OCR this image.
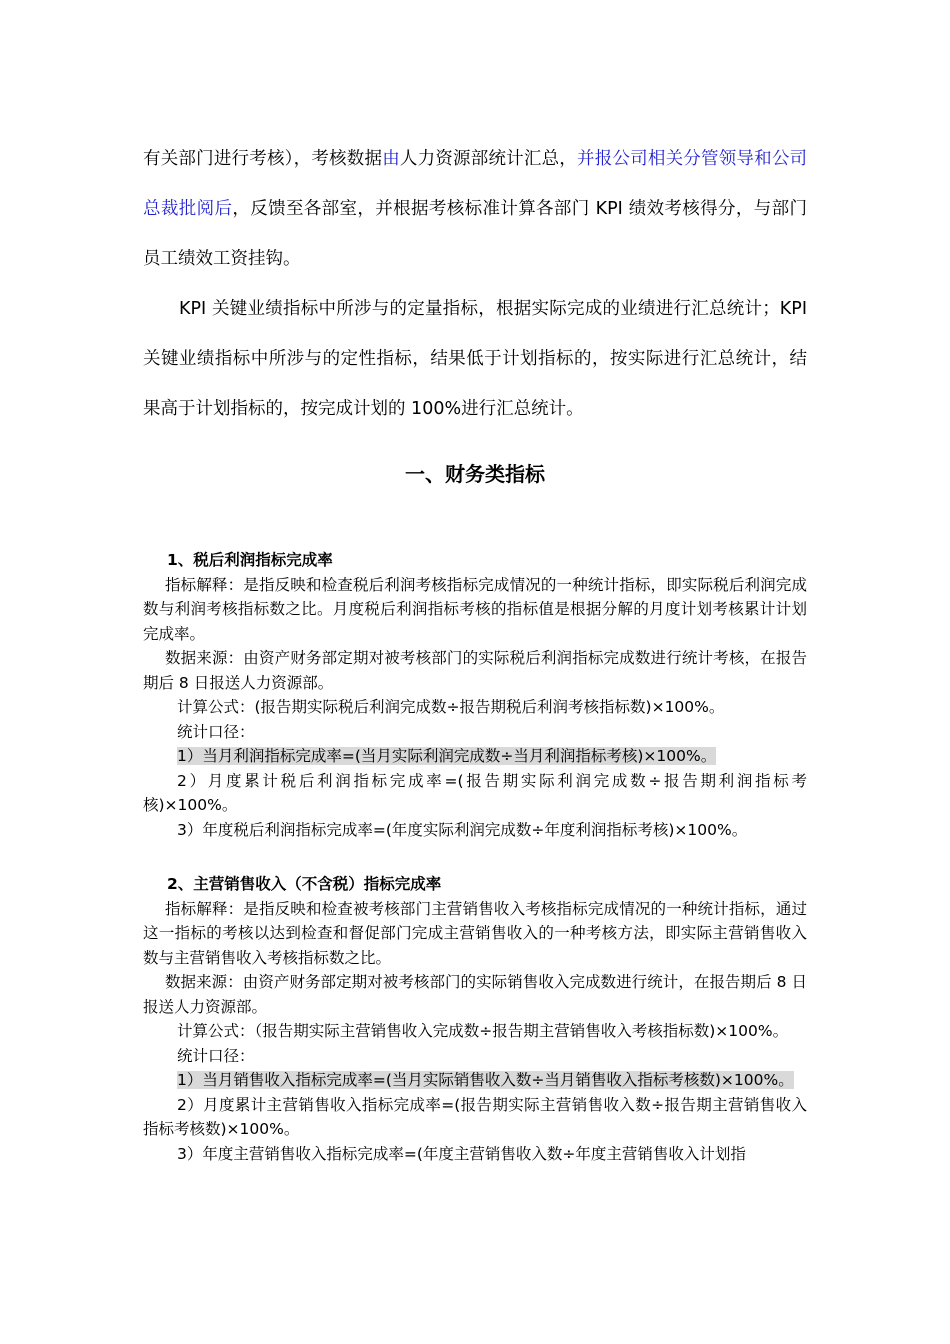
有关部门进行考核），考核数据由人力资源部统计汇总，并报公司相关分管领导和公司总裁批阅后，反馈至各部室，并根据考核标准计算各部门 KPI 绩效考核得分，与部门员工绩效工资挂钩。

KPI 关键业绩指标中所涉与的定量指标，根据实际完成的业绩进行汇总统计；KPI 关键业绩指标中所涉与的定性指标，结果低于计划指标的，按实际进行汇总统计，结果高于计划指标的，按完成计划的 100%进行汇总统计。

一、财务类指标

1、税后利润指标完成率

指标解释：是指反映和检查税后利润考核指标完成情况的一种统计指标，即实际税后利润完成数与利润考核指标数之比。月度税后利润指标考核的指标值是根据分解的月度计划考核累计计划完成率。

数据来源：由资产财务部定期对被考核部门的实际税后利润指标完成数进行统计考核，在报告期后 8 日报送人力资源部。

计算公式：(报告期实际税后利润完成数÷报告期税后利润考核指标数)×100%。

统计口径：

1）当月利润指标完成率=(当月实际利润完成数÷当月利润指标考核)×100%。

2）月度累计税后利润指标完成率=(报告期实际利润完成数÷报告期利润指标考核)×100%。

3）年度税后利润指标完成率=(年度实际利润完成数÷年度利润指标考核)×100%。

2、主营销售收入（不含税）指标完成率

指标解释：是指反映和检查被考核部门主营销售收入考核指标完成情况的一种统计指标，通过这一指标的考核以达到检查和督促部门完成主营销售收入的一种考核方法，即实际主营销售收入数与主营销售收入考核指标数之比。

数据来源：由资产财务部定期对被考核部门的实际销售收入完成数进行统计，在报告期后 8 日报送人力资源部。

计算公式：（报告期实际主营销售收入完成数÷报告期主营销售收入考核指标数)×100%。

统计口径：

1）当月销售收入指标完成率=(当月实际销售收入数÷当月销售收入指标考核数)×100%。

2）月度累计主营销售收入指标完成率=(报告期实际主营销售收入数÷报告期主营销售收入指标考核数)×100%。

3）年度主营销售收入指标完成率=(年度主营销售收入数÷年度主营销售收入计划指
